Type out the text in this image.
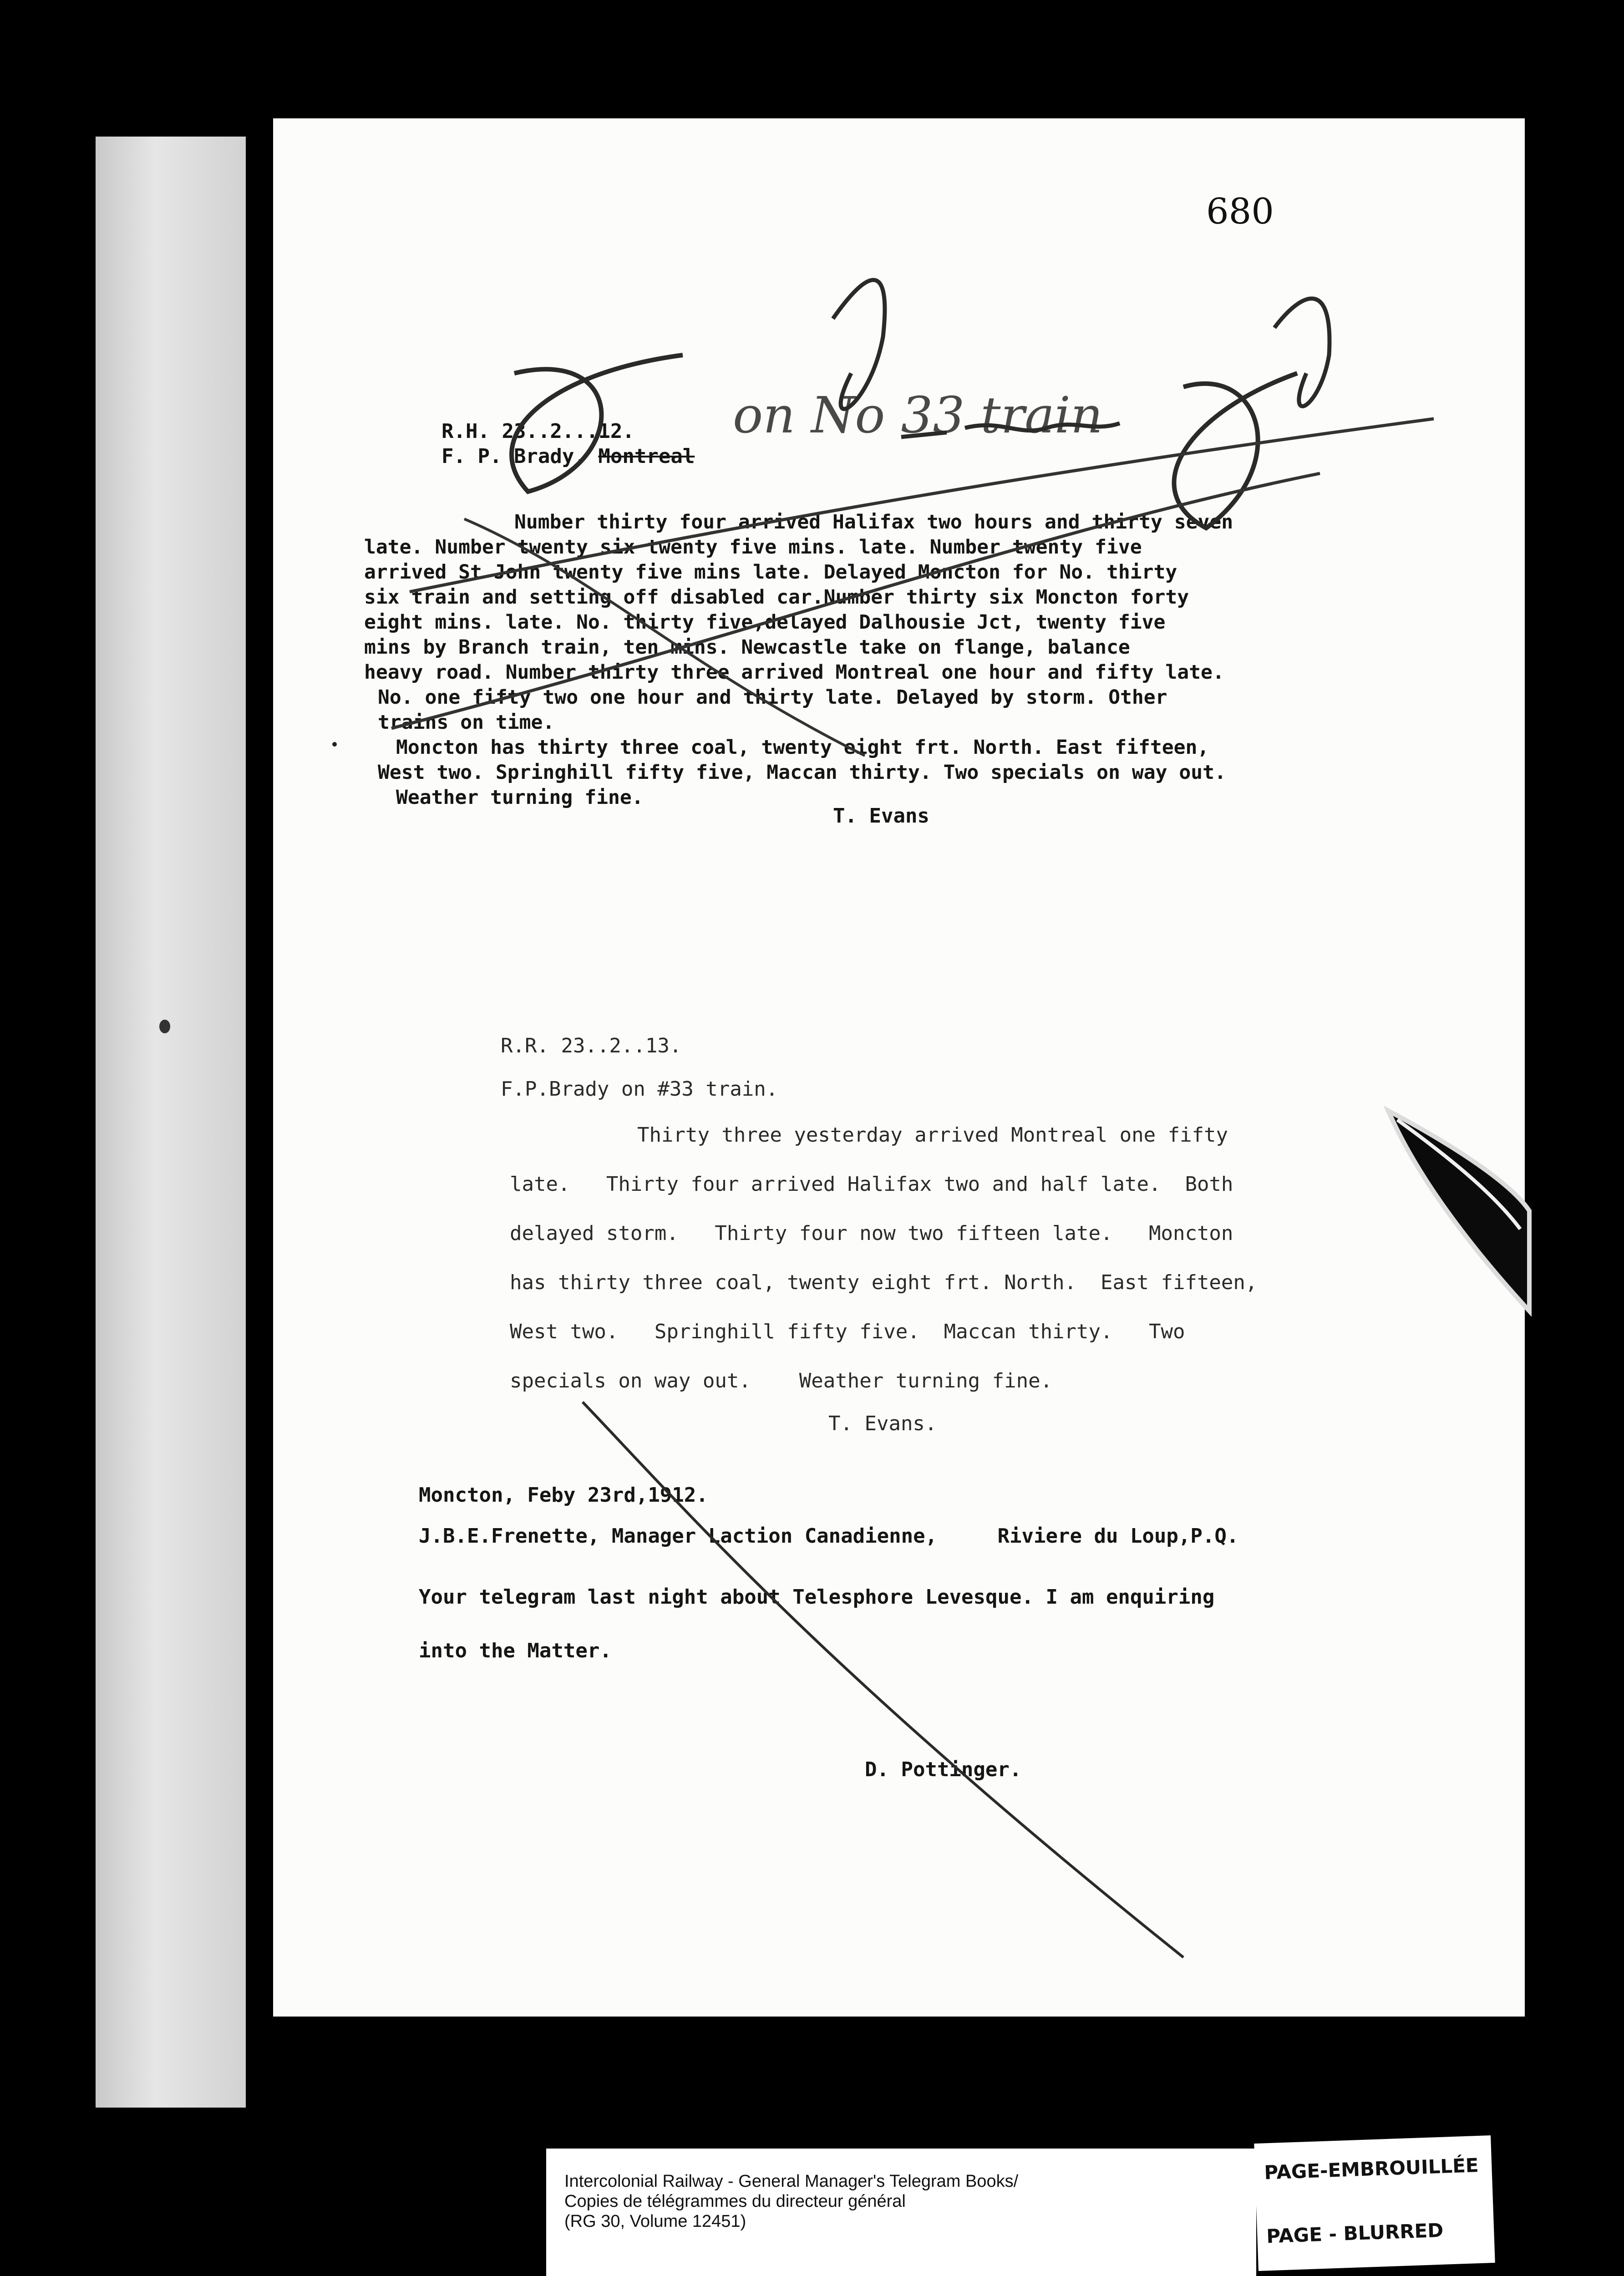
680
R.H. 23..2...12.
F. P. Brady, Montreal
Number thirty four arrived Halifax two hours and thirty seven
late. Number twenty six twenty five mins. late. Number twenty five
arrived St John twenty five mins late. Delayed Moncton for No. thirty
six train and setting off disabled car.Number thirty six Moncton forty
eight mins. late. No. thirty five,delayed Dalhousie Jct, twenty five
mins by Branch train, ten mins. Newcastle take on flange, balance
heavy road. Number thirty three arrived Montreal one hour and fifty late.
No. one fifty two one hour and thirty late. Delayed by storm. Other
trains on time.
Moncton has thirty three coal, twenty eight frt. North. East fifteen,
West two. Springhill fifty five, Maccan thirty. Two specials on way out.
Weather turning fine.
T. Evans
on No 33 train
R.R. 23..2..13.
F.P.Brady on #33 train.
Thirty three yesterday arrived Montreal one fifty
late.   Thirty four arrived Halifax two and half late.  Both
delayed storm.   Thirty four now two fifteen late.   Moncton
has thirty three coal, twenty eight frt. North.  East fifteen,
West two.   Springhill fifty five.  Maccan thirty.   Two
specials on way out.    Weather turning fine.
T. Evans.
Moncton, Feby 23rd,1912.
J.B.E.Frenette, Manager Laction Canadienne,     Riviere du Loup,P.Q.
Your telegram last night about Telesphore Levesque. I am enquiring
into the Matter.
D. Pottinger.
Intercolonial Railway - General Manager's Telegram Books/
Copies de télégrammes du directeur général
(RG 30, Volume 12451)
PAGE-EMBROUILLÉE
PAGE - BLURRED
